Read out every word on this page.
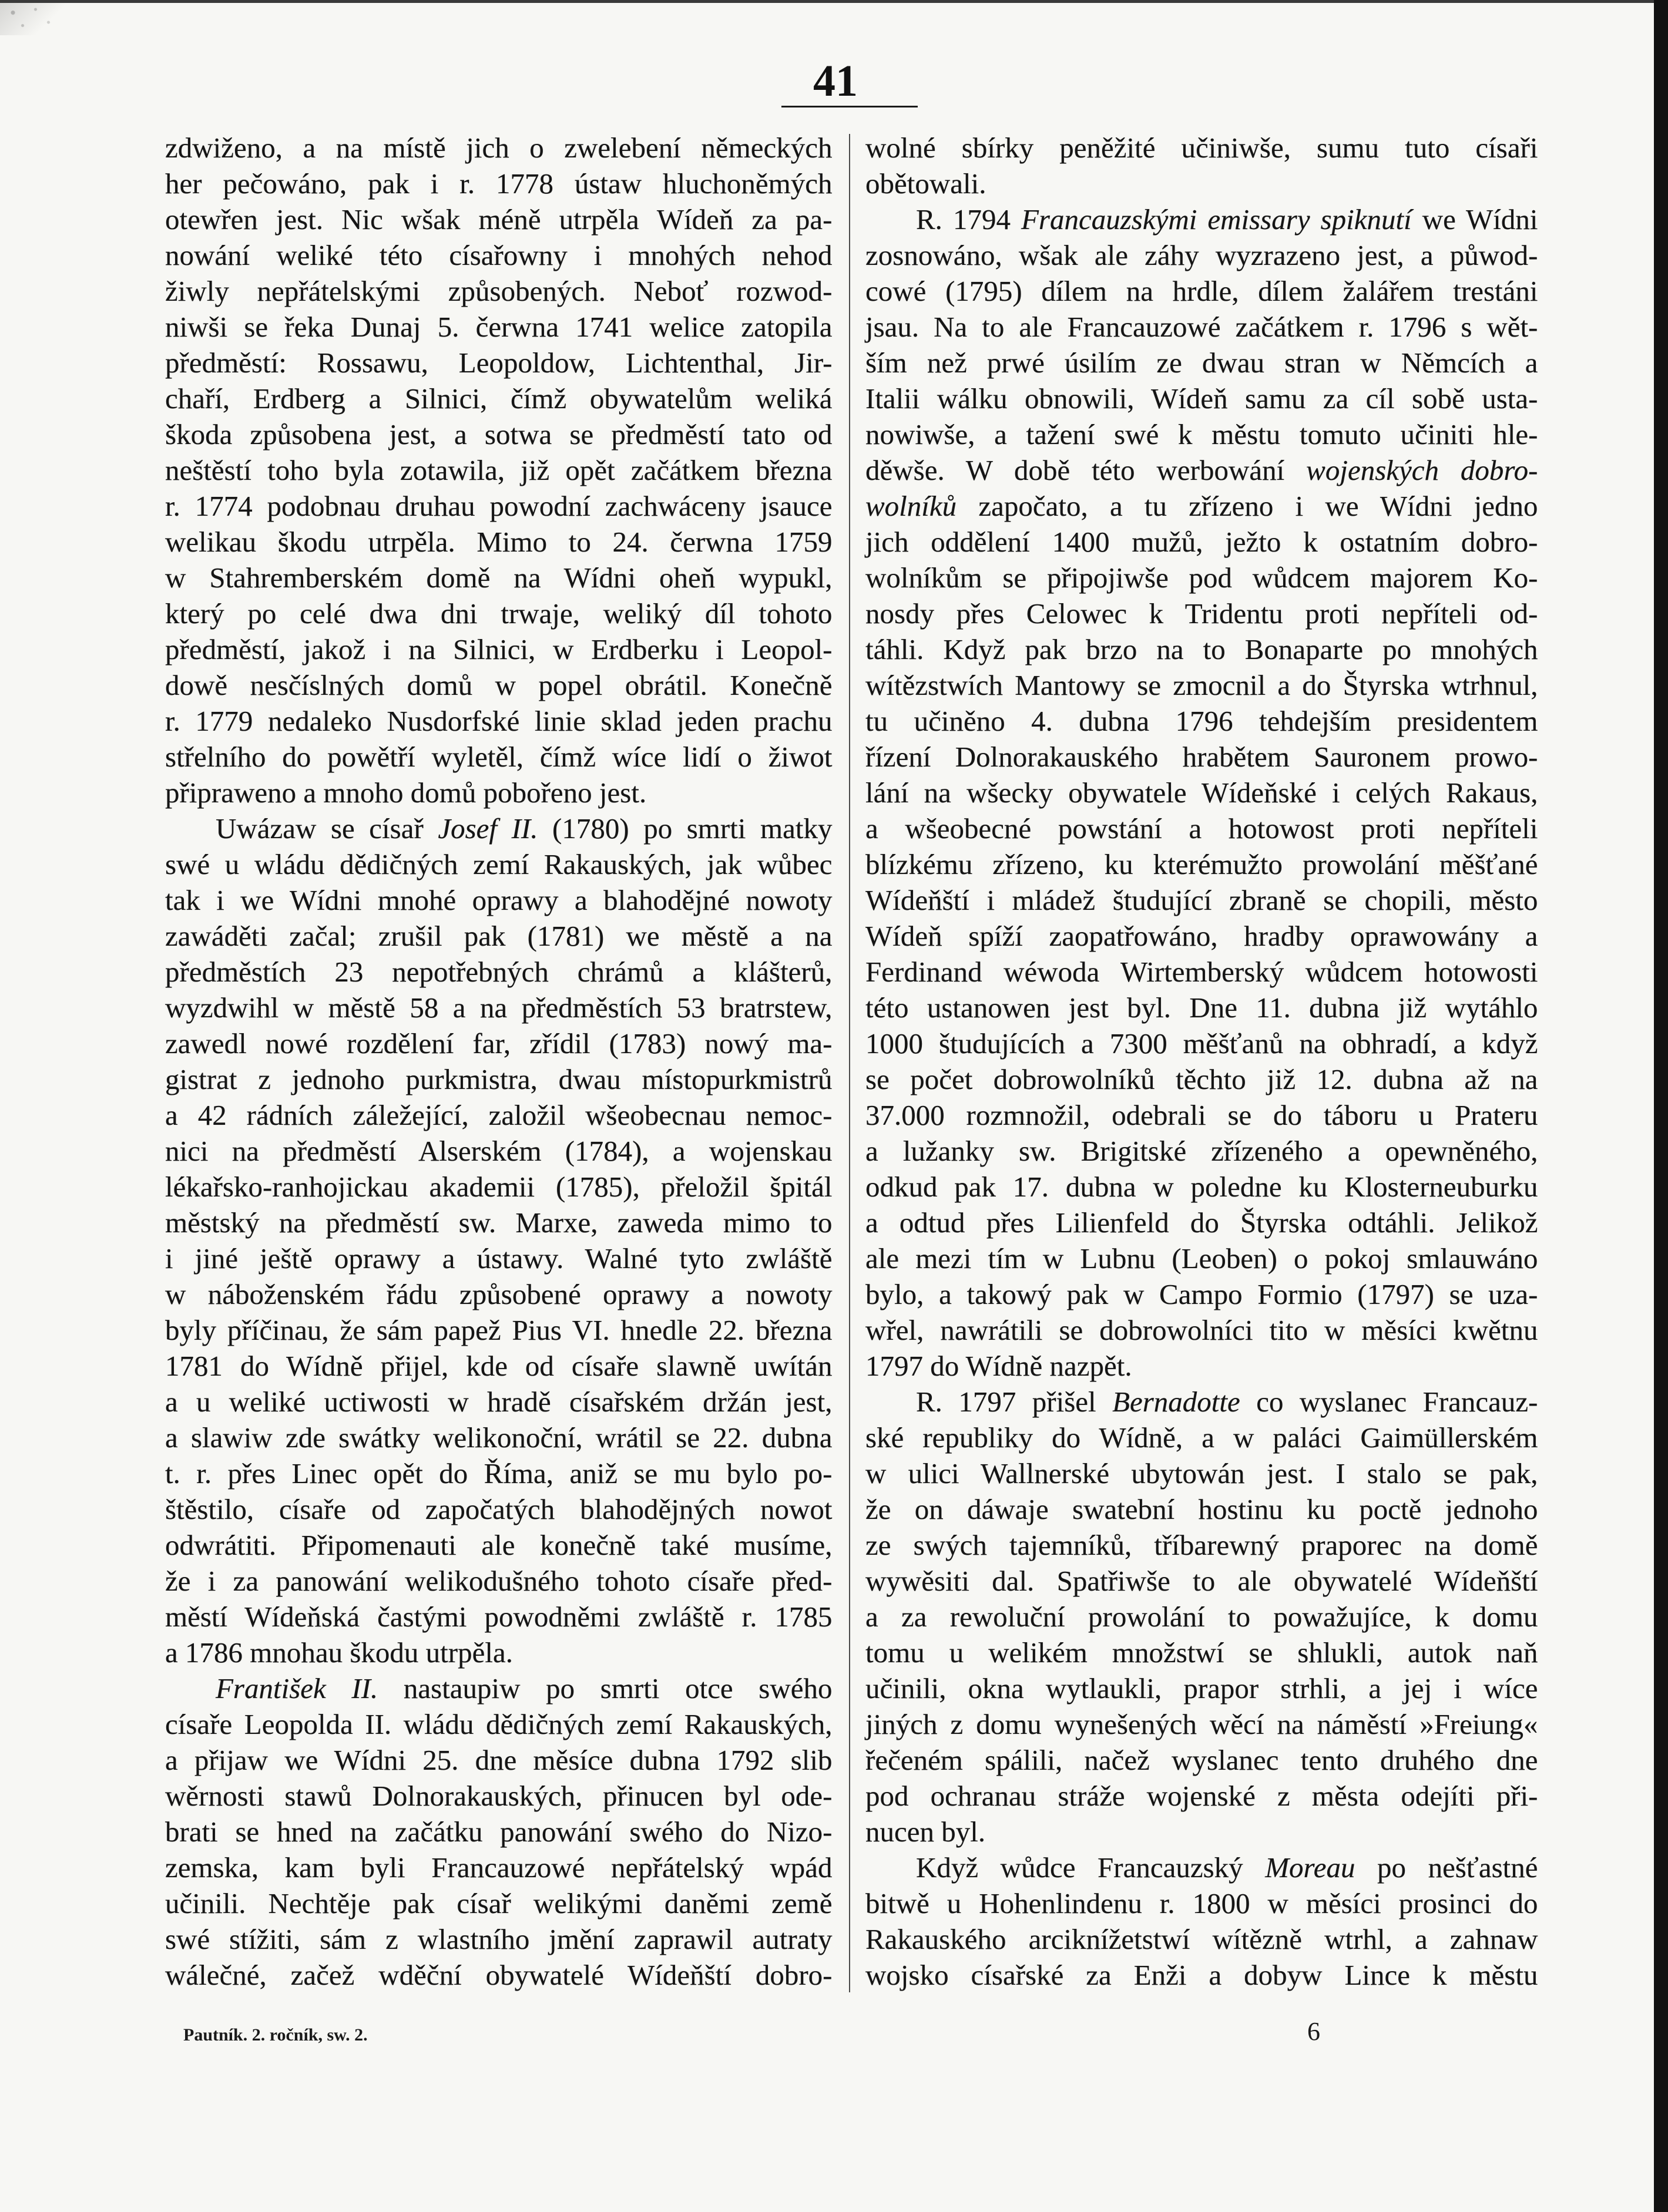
41
zdwiženo, a na místě jich o zwelebení německých
her pečowáno, pak i r. 1778 ústaw hluchoněmých
otewřen jest. Nic wšak méně utrpěla Wídeň za pa-
nowání weliké této císařowny i mnohých nehod
žiwly nepřátelskými způsobených. Neboť rozwod-
niwši se řeka Dunaj 5. čerwna 1741 welice zatopila
předměstí: Rossawu, Leopoldow, Lichtenthal, Jir-
chaří, Erdberg a Silnici, čímž obywatelům weliká
škoda způsobena jest, a sotwa se předměstí tato od
neštěstí toho byla zotawila, již opět začátkem března
r. 1774 podobnau druhau powodní zachwáceny jsauce
welikau škodu utrpěla. Mimo to 24. čerwna 1759
w Stahremberském domě na Wídni oheň wypukl,
který po celé dwa dni trwaje, weliký díl tohoto
předměstí, jakož i na Silnici, w Erdberku i Leopol-
dowě nesčíslných domů w popel obrátil. Konečně
r. 1779 nedaleko Nusdorfské linie sklad jeden prachu
střelního do powětří wyletěl, čímž wíce lidí o žiwot
připraweno a mnoho domů pobořeno jest.
Uwázaw se císař Josef II. (1780) po smrti matky
swé u wládu dědičných zemí Rakauských, jak wůbec
tak i we Wídni mnohé oprawy a blahodějné nowoty
zawáděti začal; zrušil pak (1781) we městě a na
předměstích 23 nepotřebných chrámů a klášterů,
wyzdwihl w městě 58 a na předměstích 53 bratrstew,
zawedl nowé rozdělení far, zřídil (1783) nowý ma-
gistrat z jednoho purkmistra, dwau místopurkmistrů
a 42 rádních záležející, založil wšeobecnau nemoc-
nici na předměstí Alserském (1784), a wojenskau
lékařsko-ranhojickau akademii (1785), přeložil špitál
městský na předměstí sw. Marxe, zaweda mimo to
i jiné ještě oprawy a ústawy. Walné tyto zwláště
w náboženském řádu způsobené oprawy a nowoty
byly příčinau, že sám papež Pius VI. hnedle 22. března
1781 do Wídně přijel, kde od císaře slawně uwítán
a u weliké uctiwosti w hradě císařském držán jest,
a slawiw zde swátky welikonoční, wrátil se 22. dubna
t. r. přes Linec opět do Říma, aniž se mu bylo po-
štěstilo, císaře od započatých blahodějných nowot
odwrátiti. Připomenauti ale konečně také musíme,
že i za panowání welikodušného tohoto císaře před-
městí Wídeňská častými powodněmi zwláště r. 1785
a 1786 mnohau škodu utrpěla.
František II. nastaupiw po smrti otce swého
císaře Leopolda II. wládu dědičných zemí Rakauských,
a přijaw we Wídni 25. dne měsíce dubna 1792 slib
wěrnosti stawů Dolnorakauských, přinucen byl ode-
brati se hned na začátku panowání swého do Nizo-
zemska, kam byli Francauzowé nepřátelský wpád
učinili. Nechtěje pak císař welikými daněmi země
swé stížiti, sám z wlastního jmění zaprawil autraty
wálečné, začež wděční obywatelé Wídeňští dobro-
wolné sbírky peněžité učiniwše, sumu tuto císaři
obětowali.
R. 1794 Francauzskými emissary spiknutí we Wídni
zosnowáno, wšak ale záhy wyzrazeno jest, a půwod-
cowé (1795) dílem na hrdle, dílem žalářem trestáni
jsau. Na to ale Francauzowé začátkem r. 1796 s wět-
ším než prwé úsilím ze dwau stran w Němcích a
Italii wálku obnowili, Wídeň samu za cíl sobě usta-
nowiwše, a tažení swé k městu tomuto učiniti hle-
děwše. W době této werbowání wojenských dobro-
wolníků započato, a tu zřízeno i we Wídni jedno
jich oddělení 1400 mužů, ježto k ostatním dobro-
wolníkům se připojiwše pod wůdcem majorem Ko-
nosdy přes Celowec k Tridentu proti nepříteli od-
táhli. Když pak brzo na to Bonaparte po mnohých
wítězstwích Mantowy se zmocnil a do Štyrska wtrhnul,
tu učiněno 4. dubna 1796 tehdejším presidentem
řízení Dolnorakauského hrabětem Sauronem prowo-
lání na wšecky obywatele Wídeňské i celých Rakaus,
a wšeobecné powstání a hotowost proti nepříteli
blízkému zřízeno, ku kterémužto prowolání měšťané
Wídeňští i mládež študující zbraně se chopili, město
Wídeň spíží zaopatřowáno, hradby oprawowány a
Ferdinand wéwoda Wirtemberský wůdcem hotowosti
této ustanowen jest byl. Dne 11. dubna již wytáhlo
1000 študujících a 7300 měšťanů na obhradí, a když
se počet dobrowolníků těchto již 12. dubna až na
37.000 rozmnožil, odebrali se do táboru u Prateru
a lužanky sw. Brigitské zřízeného a opewněného,
odkud pak 17. dubna w poledne ku Klosterneuburku
a odtud přes Lilienfeld do Štyrska odtáhli. Jelikož
ale mezi tím w Lubnu (Leoben) o pokoj smlauwáno
bylo, a takowý pak w Campo Formio (1797) se uza-
wřel, nawrátili se dobrowolníci tito w měsíci kwětnu
1797 do Wídně nazpět.
R. 1797 přišel Bernadotte co wyslanec Francauz-
ské republiky do Wídně, a w paláci Gaimüllerském
w ulici Wallnerské ubytowán jest. I stalo se pak,
že on dáwaje swatební hostinu ku poctě jednoho
ze swých tajemníků, tříbarewný praporec na domě
wywěsiti dal. Spatřiwše to ale obywatelé Wídeňští
a za rewoluční prowolání to powažujíce, k domu
tomu u welikém množstwí se shlukli, autok naň
učinili, okna wytlaukli, prapor strhli, a jej i wíce
jiných z domu wynešených wěcí na náměstí »Freiung«
řečeném spálili, načež wyslanec tento druhého dne
pod ochranau stráže wojenské z města odejíti při-
nucen byl.
Když wůdce Francauzský Moreau po nešťastné
bitwě u Hohenlindenu r. 1800 w měsíci prosinci do
Rakauského arciknížetstwí wítězně wtrhl, a zahnaw
wojsko císařské za Enži a dobyw Lince k městu
Pautník. 2. ročník, sw. 2.	6
